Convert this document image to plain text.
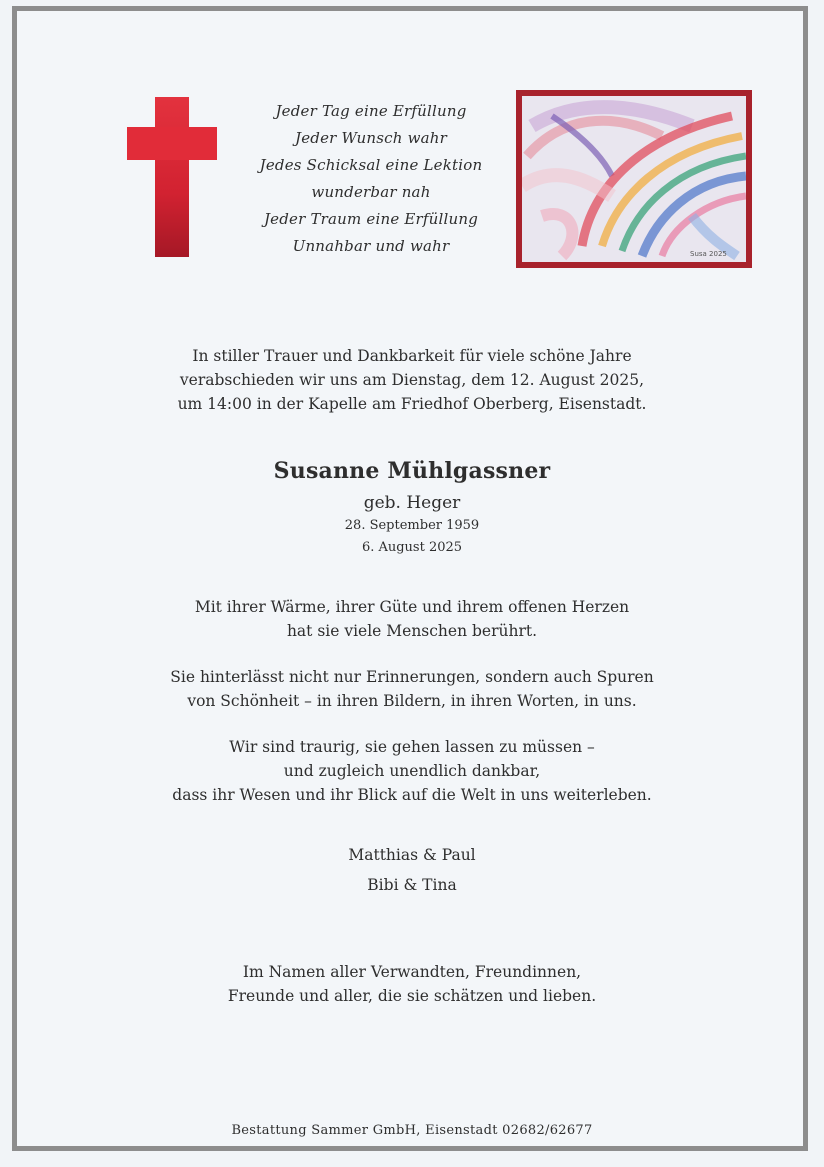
Jeder Tag eine Erfüllung
Jeder Wunsch wahr
Jedes Schicksal eine Lektion
wunderbar nah
Jeder Traum eine Erfüllung
Unnahbar und wahr	Susa 2025
In stiller Trauer und Dankbarkeit für viele schöne Jahre
verabschieden wir uns am Dienstag, dem 12. August 2025,
um 14:00 in der Kapelle am Friedhof Oberberg, Eisenstadt.
Susanne Mühlgassner
geb. Heger
28. September 1959
6. August 2025
Mit ihrer Wärme, ihrer Güte und ihrem offenen Herzen
hat sie viele Menschen berührt.
Sie hinterlässt nicht nur Erinnerungen, sondern auch Spuren
von Schönheit – in ihren Bildern, in ihren Worten, in uns.
Wir sind traurig, sie gehen lassen zu müssen –
und zugleich unendlich dankbar,
dass ihr Wesen und ihr Blick auf die Welt in uns weiterleben.
Matthias & Paul
Bibi & Tina
Im Namen aller Verwandten, Freundinnen,
Freunde und aller, die sie schätzen und lieben.
Bestattung Sammer GmbH, Eisenstadt 02682/62677
